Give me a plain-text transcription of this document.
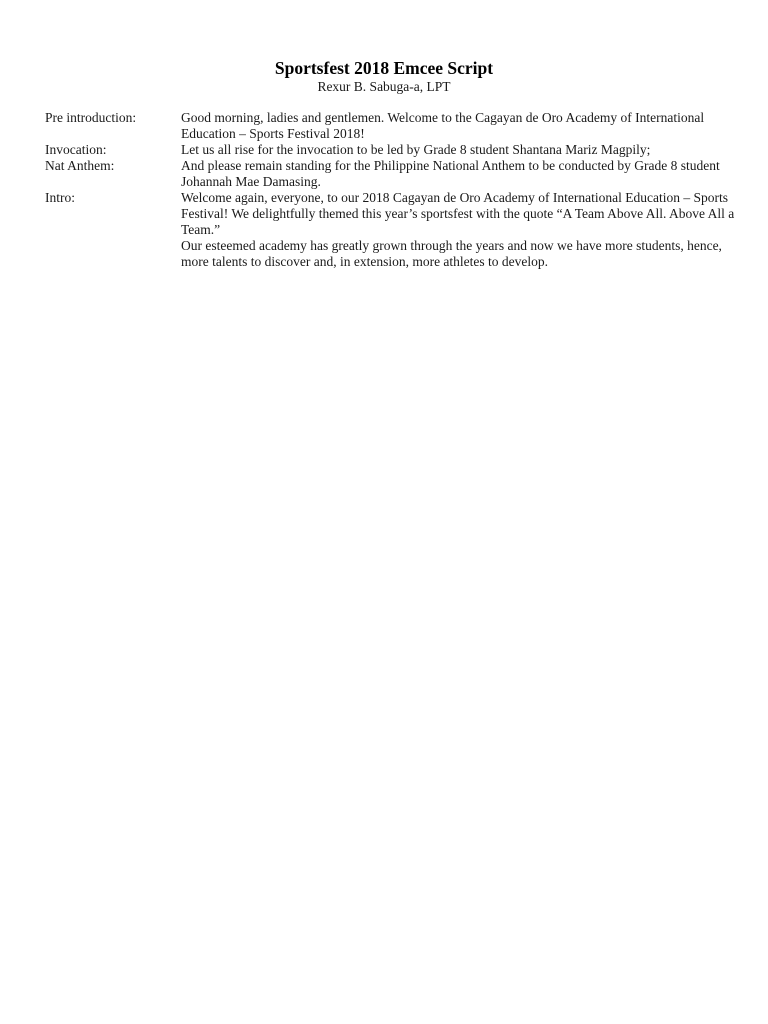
Sportsfest 2018 Emcee Script
Rexur B. Sabuga-a, LPT
Pre introduction:	Good morning, ladies and gentlemen. Welcome to the Cagayan de Oro Academy of International Education – Sports Festival 2018!

Invocation:	Let us all rise for the invocation to be led by Grade 8 student Shantana Mariz Magpily;

Nat Anthem:	And please remain standing for the Philippine National Anthem to be conducted by Grade 8 student Johannah Mae Damasing.

Intro:	Welcome again, everyone, to our 2018 Cagayan de Oro Academy of International Education – Sports Festival! We delightfully themed this year’s sportsfest with the quote “A Team Above All. Above All a Team.”

Our esteemed academy has greatly grown through the years and now we have more students, hence, more talents to discover and, in extension, more athletes to develop.
